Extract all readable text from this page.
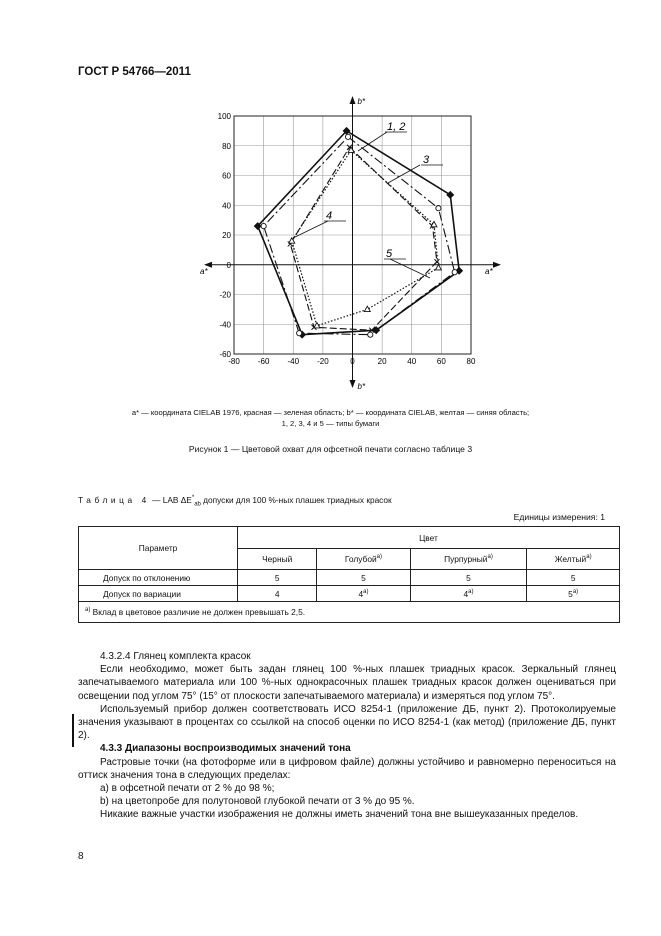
ГОСТ Р 54766—2011
b*
b*
a*	a*
-80 -60 -40 -20	0	20	40	60	80
100
80
60
40
20
0
-20
-40
-60
1, 2
3
4
5
a* — координата CIELAB 1976, красная — зеленая область; b* — координата CIELAB, желтая — синяя область;
1, 2, 3, 4 и 5 — типы бумаги
Рисунок 1 — Цветовой охват для офсетной печати согласно таблице 3
Таблица 4 — LAB $\Delta E^*_{ab}$ допуски для 100 %-ных плашек триадных красок
Единицы измерения: 1
Параметр	Цвет			
	Черный	Голубой$^{а)}$	Пурпурный$^{а)}$	Желтый$^{а)}$
Допуск по отклонению	5	5	5	5
Допуск по вариации	4	$4^{а)}$	$4^{а)}$	$5^{а)}$
$^{а)}$ Вклад в цветовое различие не должен превышать 2,5.				

4.3.2.4 Глянец комплекта красок

Если необходимо, может быть задан глянец 100 %-ных плашек триадных красок. Зеркальный глянец запечатываемого материала или 100 %-ных однокрасочных плашек триадных красок должен оцениваться при освещении под углом 75° (15° от плоскости запечатываемого материала) и измеряться под углом 75°.

Используемый прибор должен соответствовать ИСО 8254-1 (приложение ДБ, пункт 2). Протоколируемые значения указывают в процентах со ссылкой на способ оценки по ИСО 8254-1 (как метод) (приложение ДБ, пункт 2).

4.3.3 Диапазоны воспроизводимых значений тона

Растровые точки (на фотоформе или в цифровом файле) должны устойчиво и равномерно переноситься на оттиск значения тона в следующих пределах:

a) в офсетной печати от 2 % до 98 %;

b) на цветопробе для полутоновой глубокой печати от 3 % до 95 %.

Никакие важные участки изображения не должны иметь значений тона вне вышеуказанных пределов.

8
